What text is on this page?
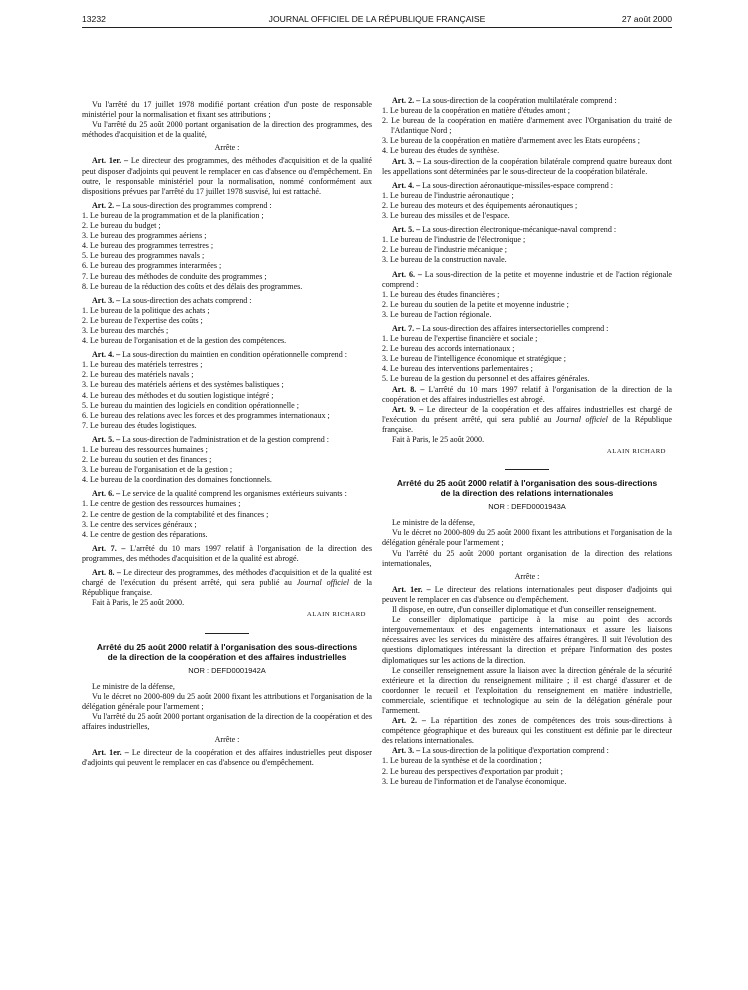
13232	JOURNAL OFFICIEL DE LA RÉPUBLIQUE FRANÇAISE	27 août 2000

Vu l'arrêté du 17 juillet 1978 modifié portant création d'un poste de responsable ministériel pour la normalisation et fixant ses attributions ;

Vu l'arrêté du 25 août 2000 portant organisation de la direction des programmes, des méthodes d'acquisition et de la qualité,

Arrête :

Art. 1er. – Le directeur des programmes, des méthodes d'acquisition et de la qualité peut disposer d'adjoints qui peuvent le remplacer en cas d'absence ou d'empêchement. En outre, le responsable ministériel pour la normalisation, nommé conformément aux dispositions prévues par l'arrêté du 17 juillet 1978 susvisé, lui est rattaché.

Art. 2. – La sous-direction des programmes comprend :

1. Le bureau de la programmation et de la planification ;

2. Le bureau du budget ;

3. Le bureau des programmes aériens ;

4. Le bureau des programmes terrestres ;

5. Le bureau des programmes navals ;

6. Le bureau des programmes interarmées ;

7. Le bureau des méthodes de conduite des programmes ;

8. Le bureau de la réduction des coûts et des délais des programmes.

Art. 3. – La sous-direction des achats comprend :

1. Le bureau de la politique des achats ;

2. Le bureau de l'expertise des coûts ;

3. Le bureau des marchés ;

4. Le bureau de l'organisation et de la gestion des compétences.

Art. 4. – La sous-direction du maintien en condition opérationnelle comprend :

1. Le bureau des matériels terrestres ;

2. Le bureau des matériels navals ;

3. Le bureau des matériels aériens et des systèmes balistiques ;

4. Le bureau des méthodes et du soutien logistique intégré ;

5. Le bureau du maintien des logiciels en condition opérationnelle ;

6. Le bureau des relations avec les forces et des programmes internationaux ;

7. Le bureau des études logistiques.

Art. 5. – La sous-direction de l'administration et de la gestion comprend :

1. Le bureau des ressources humaines ;

2. Le bureau du soutien et des finances ;

3. Le bureau de l'organisation et de la gestion ;

4. Le bureau de la coordination des domaines fonctionnels.

Art. 6. – Le service de la qualité comprend les organismes extérieurs suivants :

1. Le centre de gestion des ressources humaines ;

2. Le centre de gestion de la comptabilité et des finances ;

3. Le centre des services généraux ;

4. Le centre de gestion des réparations.

Art. 7. – L'arrêté du 10 mars 1997 relatif à l'organisation de la direction des programmes, des méthodes d'acquisition et de la qualité est abrogé.

Art. 8. – Le directeur des programmes, des méthodes d'acquisition et de la qualité est chargé de l'exécution du présent arrêté, qui sera publié au Journal officiel de la République française.

Fait à Paris, le 25 août 2000.

ALAIN RICHARD

Arrêté du 25 août 2000 relatif à l'organisation des sous-directions de la direction de la coopération et des affaires industrielles

NOR : DEFD0001942A

Le ministre de la défense,

Vu le décret no 2000-809 du 25 août 2000 fixant les attributions et l'organisation de la délégation générale pour l'armement ;

Vu l'arrêté du 25 août 2000 portant organisation de la direction de la coopération et des affaires industrielles,

Arrête :

Art. 1er. – Le directeur de la coopération et des affaires industrielles peut disposer d'adjoints qui peuvent le remplacer en cas d'absence ou d'empêchement.

Art. 2. – La sous-direction de la coopération multilatérale comprend :

1. Le bureau de la coopération en matière d'études amont ;

2. Le bureau de la coopération en matière d'armement avec l'Organisation du traité de l'Atlantique Nord ;

3. Le bureau de la coopération en matière d'armement avec les Etats européens ;

4. Le bureau des études de synthèse.

Art. 3. – La sous-direction de la coopération bilatérale comprend quatre bureaux dont les appellations sont déterminées par le sous-directeur de la coopération bilatérale.

Art. 4. – La sous-direction aéronautique-missiles-espace comprend :

1. Le bureau de l'industrie aéronautique ;

2. Le bureau des moteurs et des équipements aéronautiques ;

3. Le bureau des missiles et de l'espace.

Art. 5. – La sous-direction électronique-mécanique-naval comprend :

1. Le bureau de l'industrie de l'électronique ;

2. Le bureau de l'industrie mécanique ;

3. Le bureau de la construction navale.

Art. 6. – La sous-direction de la petite et moyenne industrie et de l'action régionale comprend :

1. Le bureau des études financières ;

2. Le bureau du soutien de la petite et moyenne industrie ;

3. Le bureau de l'action régionale.

Art. 7. – La sous-direction des affaires intersectorielles comprend :

1. Le bureau de l'expertise financière et sociale ;

2. Le bureau des accords internationaux ;

3. Le bureau de l'intelligence économique et stratégique ;

4. Le bureau des interventions parlementaires ;

5. Le bureau de la gestion du personnel et des affaires générales.

Art. 8. – L'arrêté du 10 mars 1997 relatif à l'organisation de la direction de la coopération et des affaires industrielles est abrogé.

Art. 9. – Le directeur de la coopération et des affaires industrielles est chargé de l'exécution du présent arrêté, qui sera publié au Journal officiel de la République française.

Fait à Paris, le 25 août 2000.

ALAIN RICHARD

Arrêté du 25 août 2000 relatif à l'organisation des sous-directions de la direction des relations internationales

NOR : DEFD0001943A

Le ministre de la défense,

Vu le décret no 2000-809 du 25 août 2000 fixant les attributions et l'organisation de la délégation générale pour l'armement ;

Vu l'arrêté du 25 août 2000 portant organisation de la direction des relations internationales,

Arrête :

Art. 1er. – Le directeur des relations internationales peut disposer d'adjoints qui peuvent le remplacer en cas d'absence ou d'empêchement.

Il dispose, en outre, d'un conseiller diplomatique et d'un conseiller renseignement.

Le conseiller diplomatique participe à la mise au point des accords intergouvernementaux et des engagements internationaux et assure les liaisons nécessaires avec les services du ministère des affaires étrangères. Il suit l'évolution des questions diplomatiques intéressant la direction et prépare l'information des postes diplomatiques sur les actions de la direction.

Le conseiller renseignement assure la liaison avec la direction générale de la sécurité extérieure et la direction du renseignement militaire ; il est chargé d'assurer et de coordonner le recueil et l'exploitation du renseignement en matière industrielle, commerciale, scientifique et technologique au sein de la délégation générale pour l'armement.

Art. 2. – La répartition des zones de compétences des trois sous-directions à compétence géographique et des bureaux qui les constituent est définie par le directeur des relations internationales.

Art. 3. – La sous-direction de la politique d'exportation comprend :

1. Le bureau de la synthèse et de la coordination ;

2. Le bureau des perspectives d'exportation par produit ;

3. Le bureau de l'information et de l'analyse économique.
